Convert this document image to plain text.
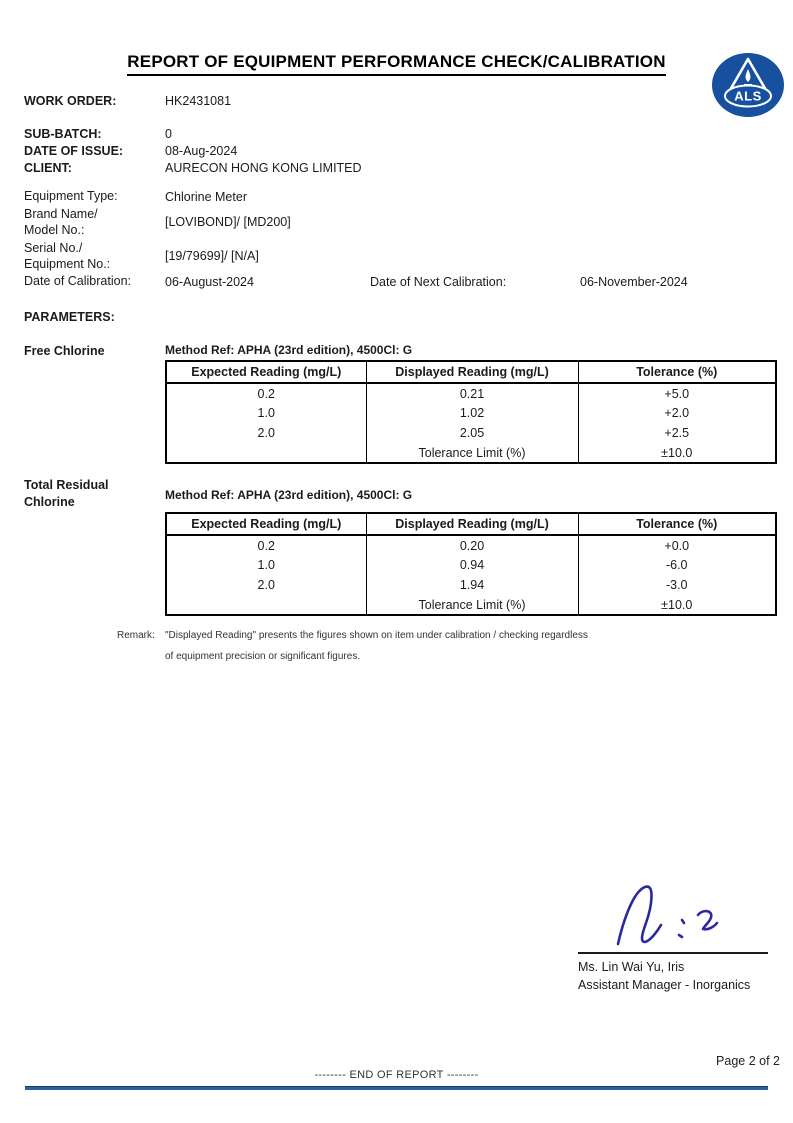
REPORT OF EQUIPMENT PERFORMANCE CHECK/CALIBRATION
ALS
WORK ORDER:	HK2431081
SUB-BATCH:	0
DATE OF ISSUE:	08-Aug-2024
CLIENT:	AURECON HONG KONG LIMITED
Equipment Type:	Chlorine Meter
Brand Name/
Model No.:
[LOVIBOND]/ [MD200]
Serial No./
Equipment No.:
[19/79699]/ [N/A]
Date of Calibration:	06-August-2024	Date of Next Calibration:	06-November-2024
PARAMETERS:
Free Chlorine	Method Ref: APHA (23rd edition), 4500Cl: G
Expected Reading (mg/L)	Displayed Reading (mg/L)	Tolerance (%)
0.2	0.21	+5.0
1.0	1.02	+2.0
2.0	2.05	+2.5
	Tolerance Limit (%)	±10.0
Total Residual
Chlorine	Method Ref: APHA (23rd edition), 4500Cl: G
Expected Reading (mg/L)	Displayed Reading (mg/L)	Tolerance (%)
0.2	0.20	+0.0
1.0	0.94	-6.0
2.0	1.94	-3.0
	Tolerance Limit (%)	±10.0
Remark: "Displayed Reading" presents the figures shown on item under calibration / checking regardless
of equipment precision or significant figures.
Ms. Lin Wai Yu, Iris
Assistant Manager - Inorganics
Page 2 of 2
-------- END OF REPORT --------
